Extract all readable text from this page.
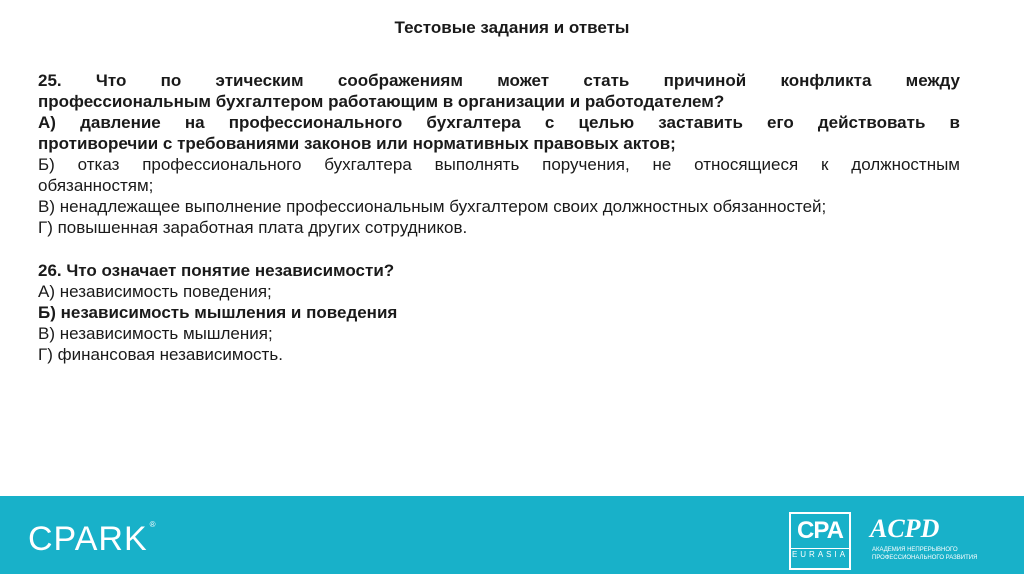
Тестовые задания и ответы

25. Что по этическим соображениям может стать причиной конфликта между

профессиональным бухгалтером работающим в организации и работодателем?

А) давление на профессионального бухгалтера с целью заставить его действовать в

противоречии с требованиями законов или нормативных правовых актов;

Б) отказ профессионального бухгалтера выполнять поручения, не относящиеся к должностным

обязанностям;

В) ненадлежащее выполнение профессиональным бухгалтером своих должностных обязанностей;

Г) повышенная заработная плата других сотрудников.

26. Что означает понятие независимости?

А) независимость поведения;

Б) независимость мышления и поведения

В) независимость мышления;

Г) финансовая независимость.

CPARK ®	CPA
EURASIA
ACPD
АКАДЕМИЯ НЕПРЕРЫВНОГО ПРОФЕССИОНАЛЬНОГО РАЗВИТИЯ
